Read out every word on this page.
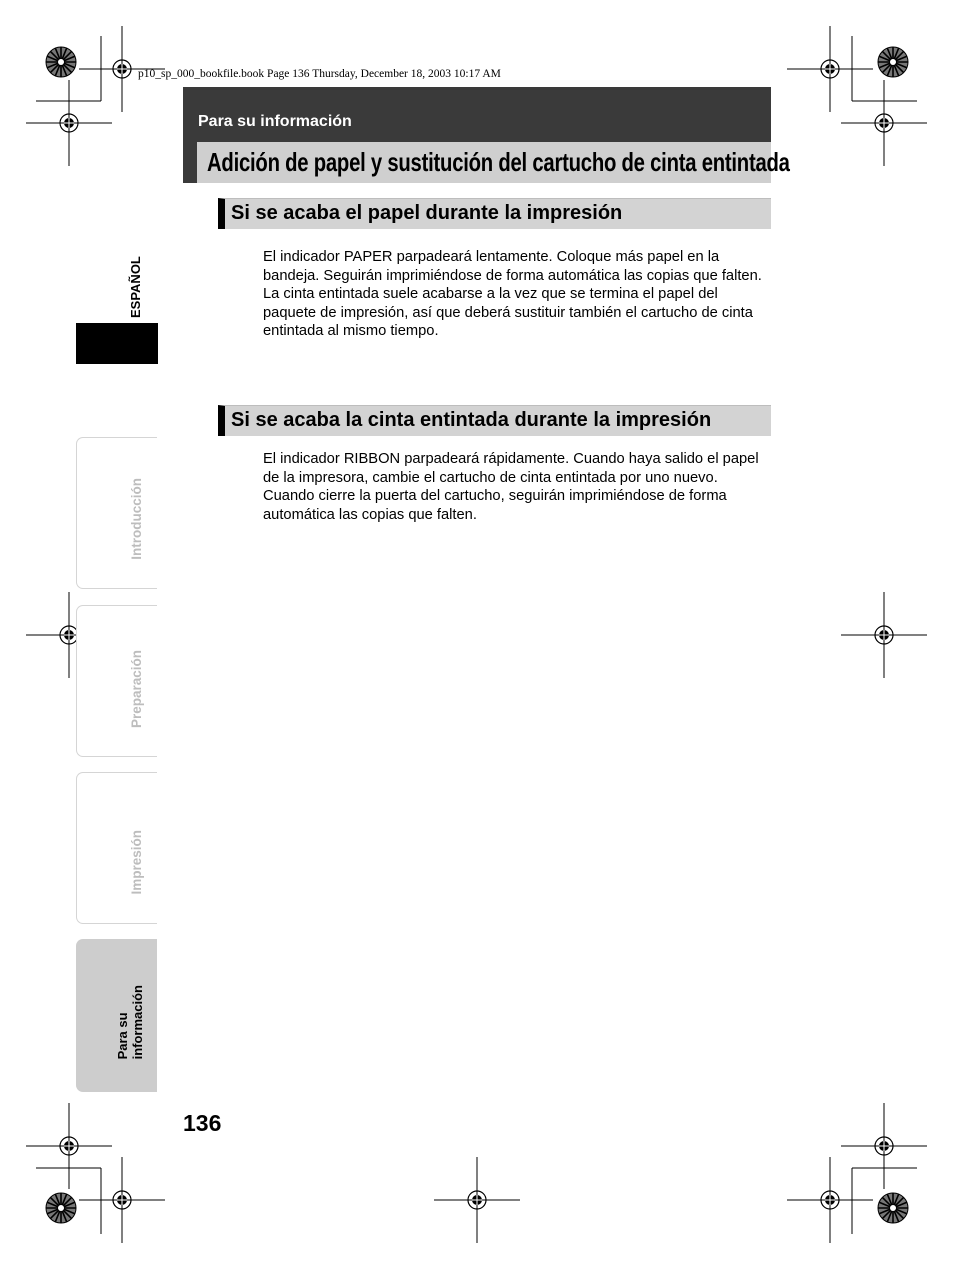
p10_sp_000_bookfile.book Page 136 Thursday, December 18, 2003 10:17 AM
Para su información
Adición de papel y sustitución del cartucho de cinta entintada
Si se acaba el papel durante la impresión

El indicador PAPER parpadeará lentamente. Coloque más papel en la bandeja. Seguirán imprimiéndose de forma automática las copias que falten.

La cinta entintada suele acabarse a la vez que se termina el papel del paquete de impresión, así que deberá sustituir también el cartucho de cinta entintada al mismo tiempo.

Si se acaba la cinta entintada durante la impresión

El indicador RIBBON parpadeará rápidamente. Cuando haya salido el papel de la impresora, cambie el cartucho de cinta entintada por uno nuevo. Cuando cierre la puerta del cartucho, seguirán imprimiéndose de forma automática las copias que falten.

ESPAÑOL
Introducción
Preparación
Impresión
Para su
información
136
